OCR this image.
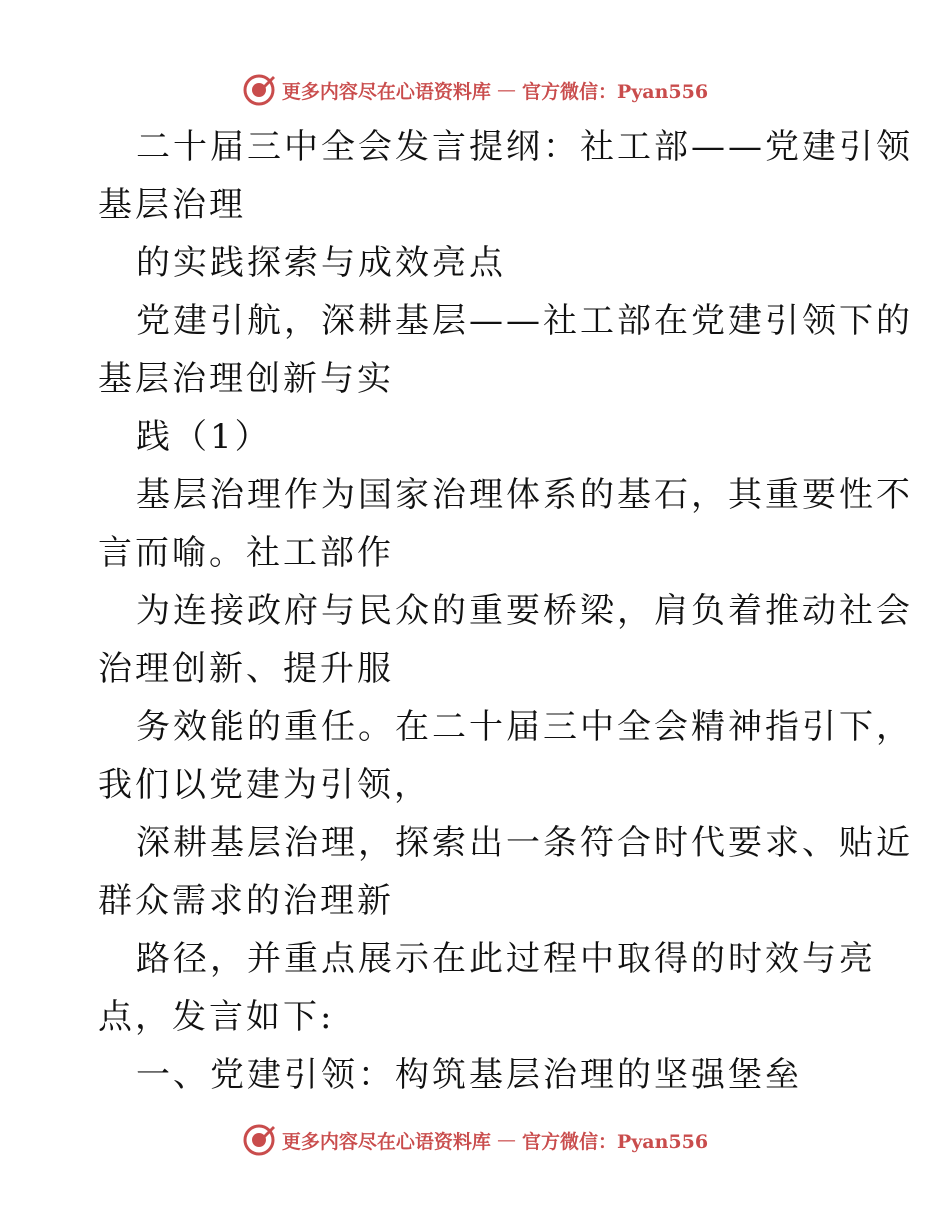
更多内容尽在心语资料库 — 官方微信：Pyan556
二十届三中全会发言提纲：社工部——党建引领
基层治理
的实践探索与成效亮点
党建引航，深耕基层——社工部在党建引领下的
基层治理创新与实
践（1）
基层治理作为国家治理体系的基石，其重要性不
言而喻。社工部作
为连接政府与民众的重要桥梁，肩负着推动社会
治理创新、提升服
务效能的重任。在二十届三中全会精神指引下，
我们以党建为引领，
深耕基层治理，探索出一条符合时代要求、贴近
群众需求的治理新
路径，并重点展示在此过程中取得的时效与亮
点，发言如下:
一、党建引领：构筑基层治理的坚强堡垒
更多内容尽在心语资料库 — 官方微信：Pyan556
